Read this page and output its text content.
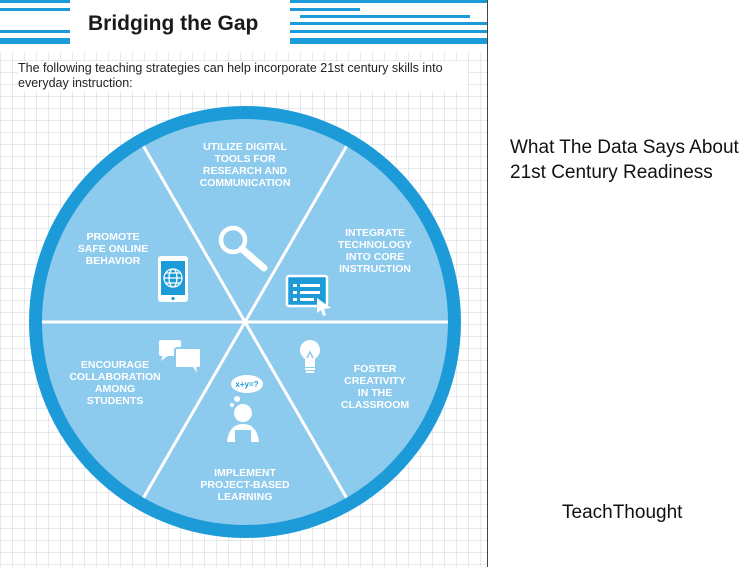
Bridging the Gap
The following teaching strategies can help incorporate 21st century skills into everyday instruction:
UTILIZE DIGITAL
TOOLS FOR
RESEARCH AND
COMMUNICATION
INTEGRATE
TECHNOLOGY
INTO CORE
INSTRUCTION
FOSTER
CREATIVITY
IN THE
CLASSROOM
IMPLEMENT
PROJECT-BASED
LEARNING
ENCOURAGE
COLLABORATION
AMONG
STUDENTS
PROMOTE
SAFE ONLINE
BEHAVIOR
x+y=?
What The Data Says About
21st Century Readiness
TeachThought
